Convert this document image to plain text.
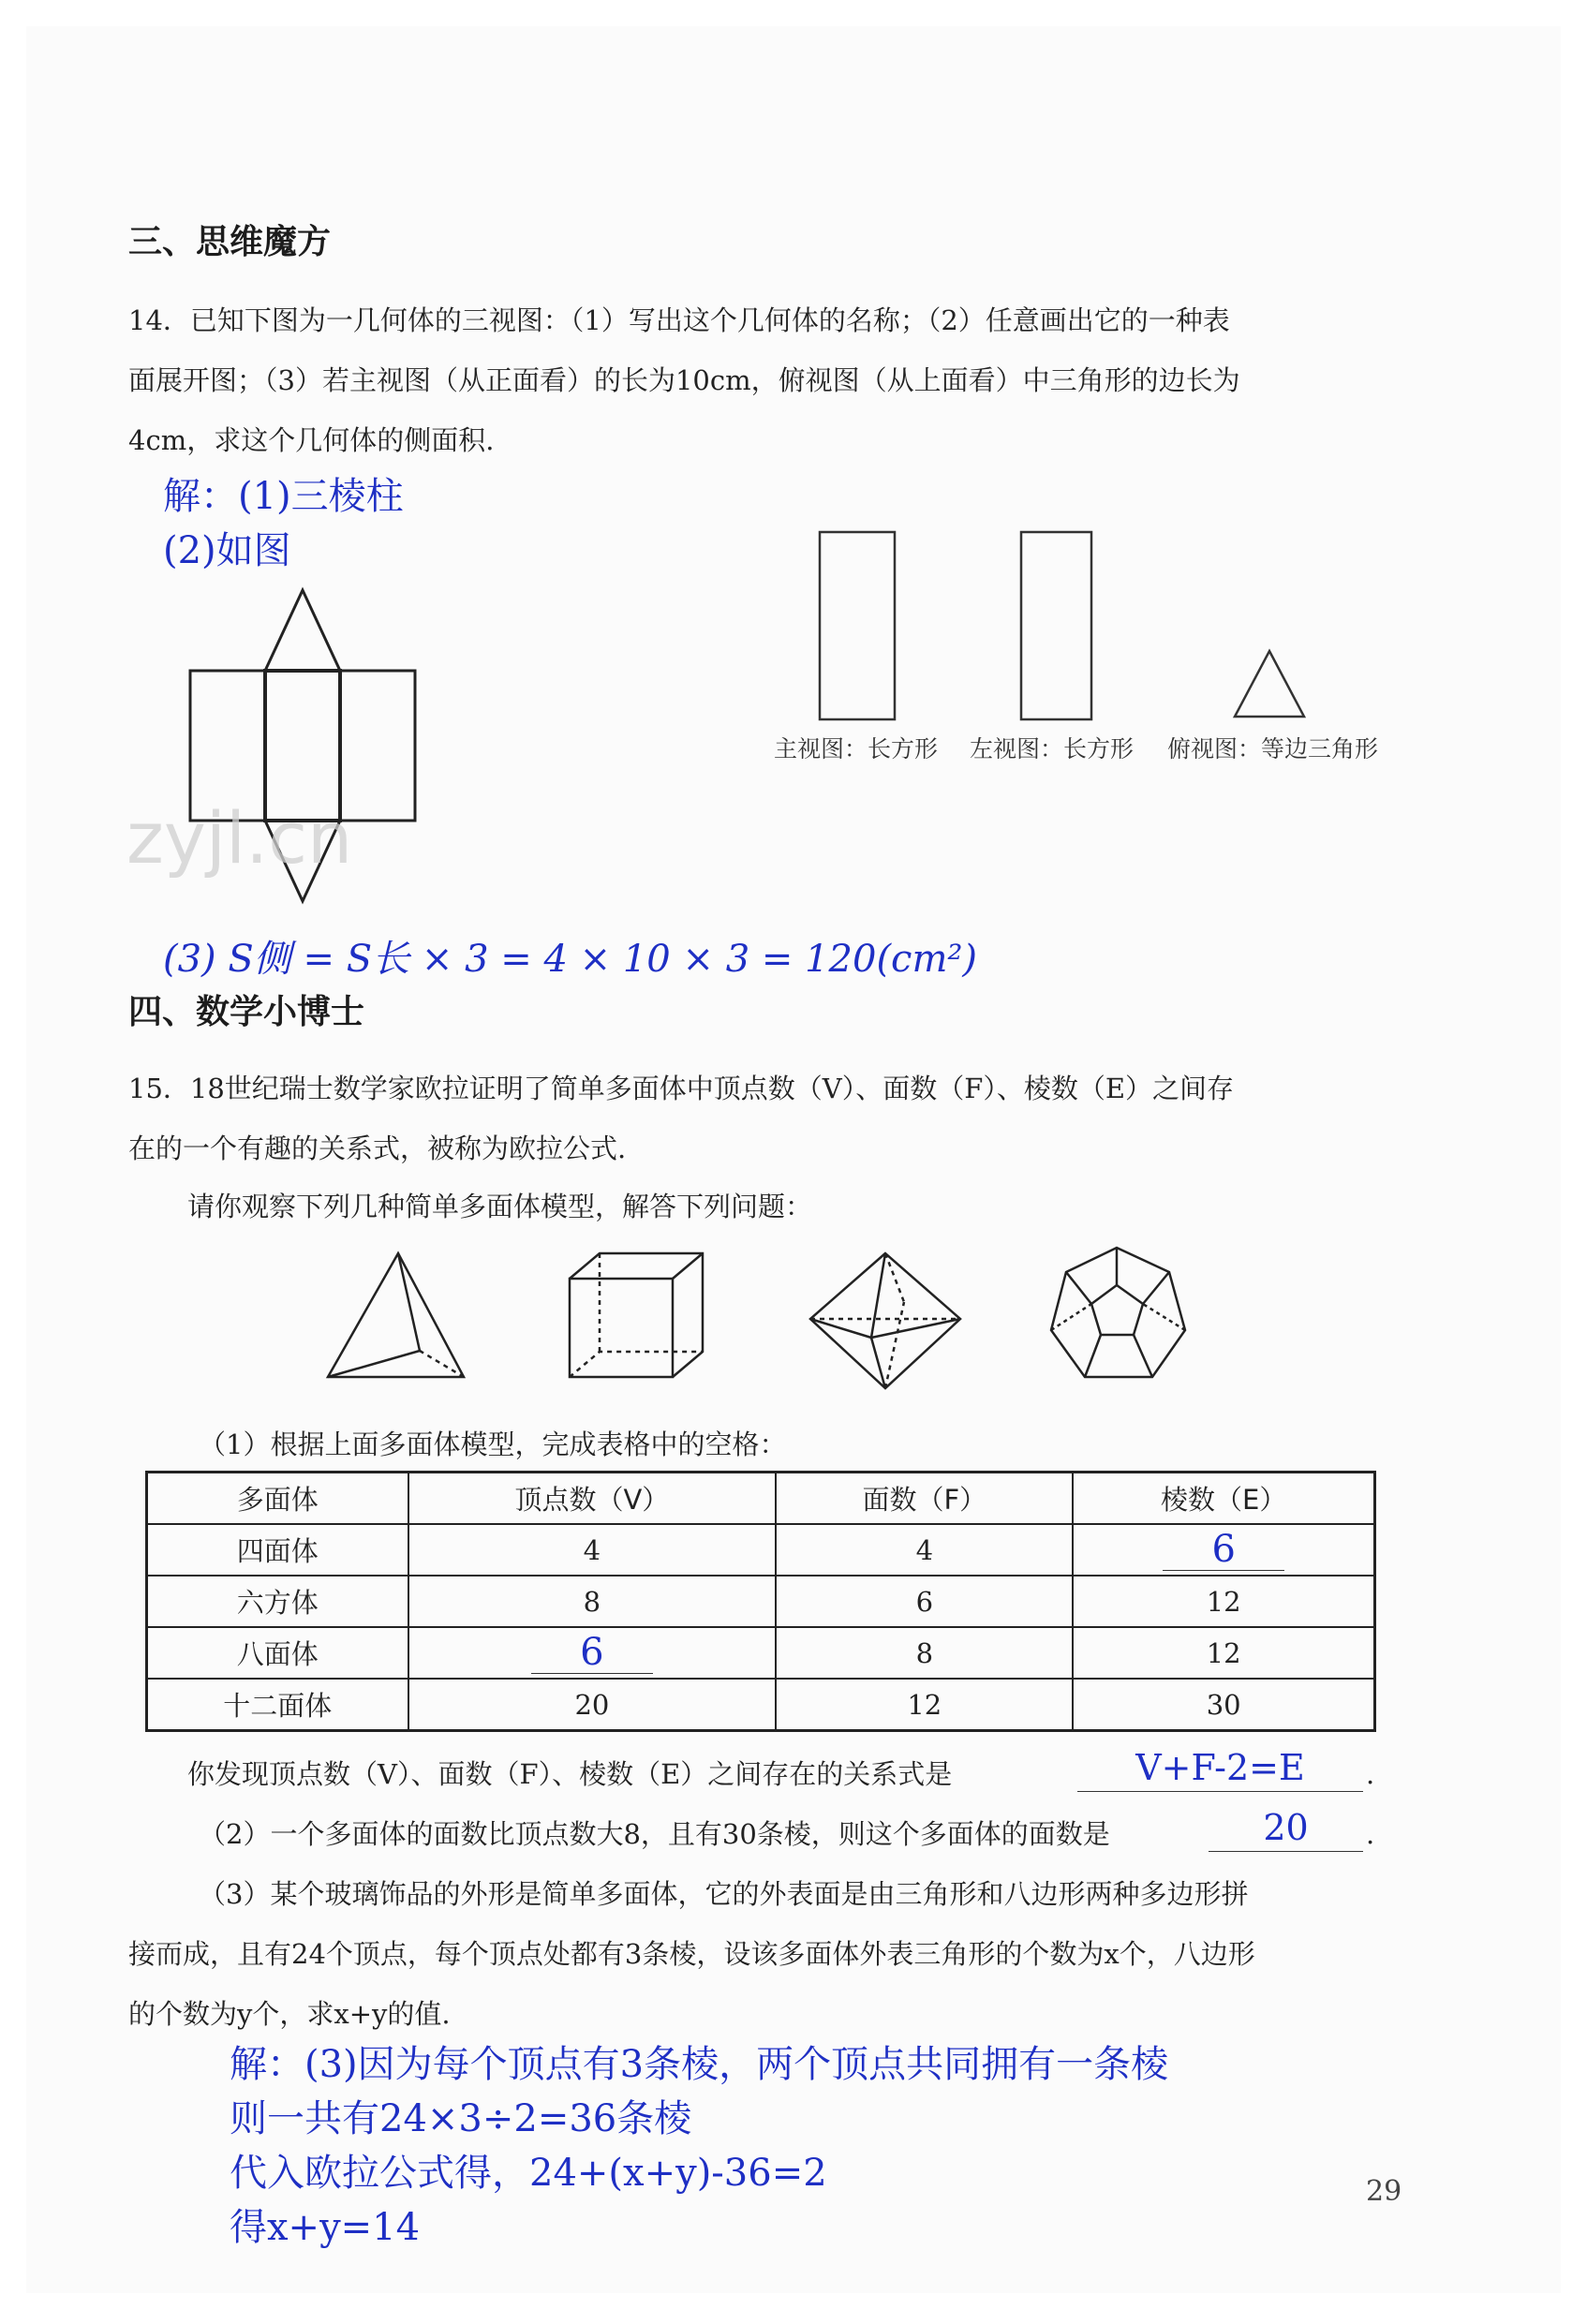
三、思维魔方
14．已知下图为一几何体的三视图：（1）写出这个几何体的名称；（2）任意画出它的一种表
面展开图；（3）若主视图（从正面看）的长为10cm，俯视图（从上面看）中三角形的边长为
4cm，求这个几何体的侧面积.
解：(1)三棱柱
(2)如图
zyjl.cn
主视图：长方形 左视图：长方形 俯视图：等边三角形
(3) S侧 = S长 × 3 = 4 × 10 × 3 = 120(cm²)
四、数学小博士
15．18世纪瑞士数学家欧拉证明了简单多面体中顶点数（V）、面数（F）、棱数（E）之间存
在的一个有趣的关系式，被称为欧拉公式.
请你观察下列几种简单多面体模型，解答下列问题：
（1）根据上面多面体模型，完成表格中的空格：
多面体	顶点数（V）	面数（F）	棱数（E）
四面体	4	4	6
六方体	8	6	12
八面体	6	8	12
十二面体	20	12	30
你发现顶点数（V）、面数（F）、棱数（E）之间存在的关系式是	V+F-2=E	.
（2）一个多面体的面数比顶点数大8，且有30条棱，则这个多面体的面数是	20	.
（3）某个玻璃饰品的外形是简单多面体，它的外表面是由三角形和八边形两种多边形拼
接而成，且有24个顶点，每个顶点处都有3条棱，设该多面体外表三角形的个数为x个，八边形
的个数为y个，求x+y的值.
解：(3)因为每个顶点有3条棱，两个顶点共同拥有一条棱
则一共有24×3÷2=36条棱
代入欧拉公式得，24+(x+y)-36=2
得x+y=14
29
